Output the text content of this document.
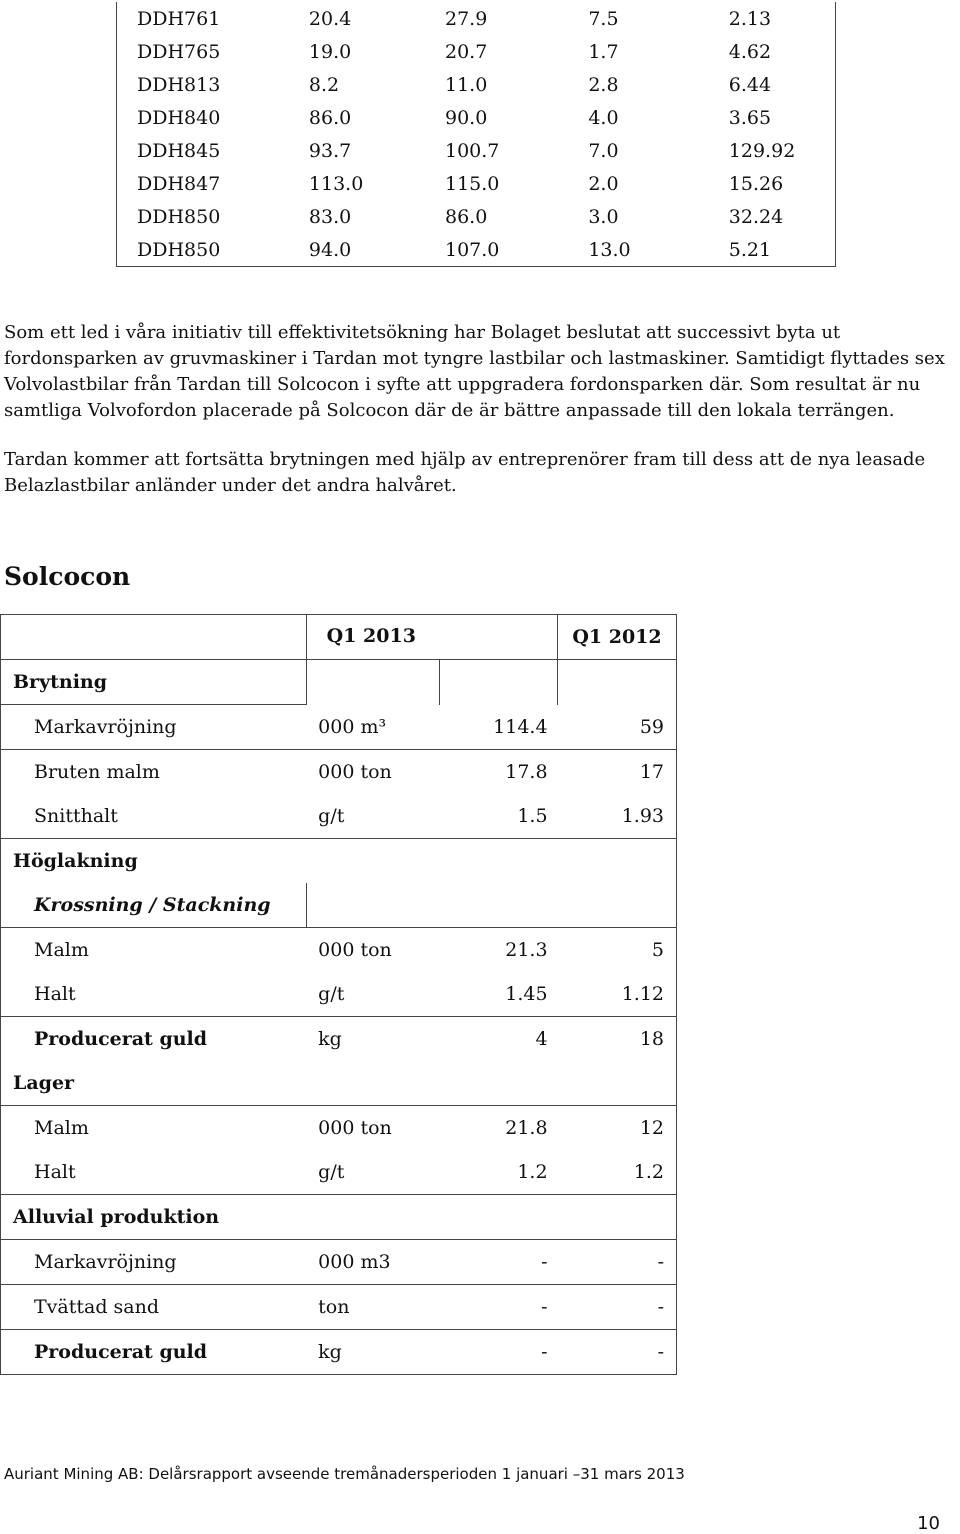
DDH761	20.4	27.9	7.5	2.13
DDH765	19.0	20.7	1.7	4.62
DDH813	8.2	11.0	2.8	6.44
DDH840	86.0	90.0	4.0	3.65
DDH845	93.7	100.7	7.0	129.92
DDH847	113.0	115.0	2.0	15.26
DDH850	83.0	86.0	3.0	32.24
DDH850	94.0	107.0	13.0	5.21

Som ett led i våra initiativ till effektivitetsökning har Bolaget beslutat att successivt byta ut fordonsparken av gruvmaskiner i Tardan mot tyngre lastbilar och lastmaskiner. Samtidigt flyttades sex Volvolastbilar från Tardan till Solcocon i syfte att uppgradera fordonsparken där. Som resultat är nu samtliga Volvofordon placerade på Solcocon där de är bättre anpassade till den lokala terrängen.

Tardan kommer att fortsätta brytningen med hjälp av entreprenörer fram till dess att de nya leasade Belazlastbilar anländer under det andra halvåret.

Solcocon

	Q1 2013		Q1 2012
Brytning			
Markavröjning	000 m³	114.4	59
Bruten malm	000 ton	17.8	17
Snitthalt	g/t	1.5	1.93
Höglakning			
Krossning / Stackning			
Malm	000 ton	21.3	5
Halt	g/t	1.45	1.12
Producerat guld	kg	4	18
Lager			
Malm	000 ton	21.8	12
Halt	g/t	1.2	1.2
Alluvial produktion			
Markavröjning	000 m3	-	-
Tvättad sand	ton	-	-
Producerat guld	kg	-	-
Auriant Mining AB: Delårsrapport avseende tremånadersperioden 1 januari –31 mars 2013
10
